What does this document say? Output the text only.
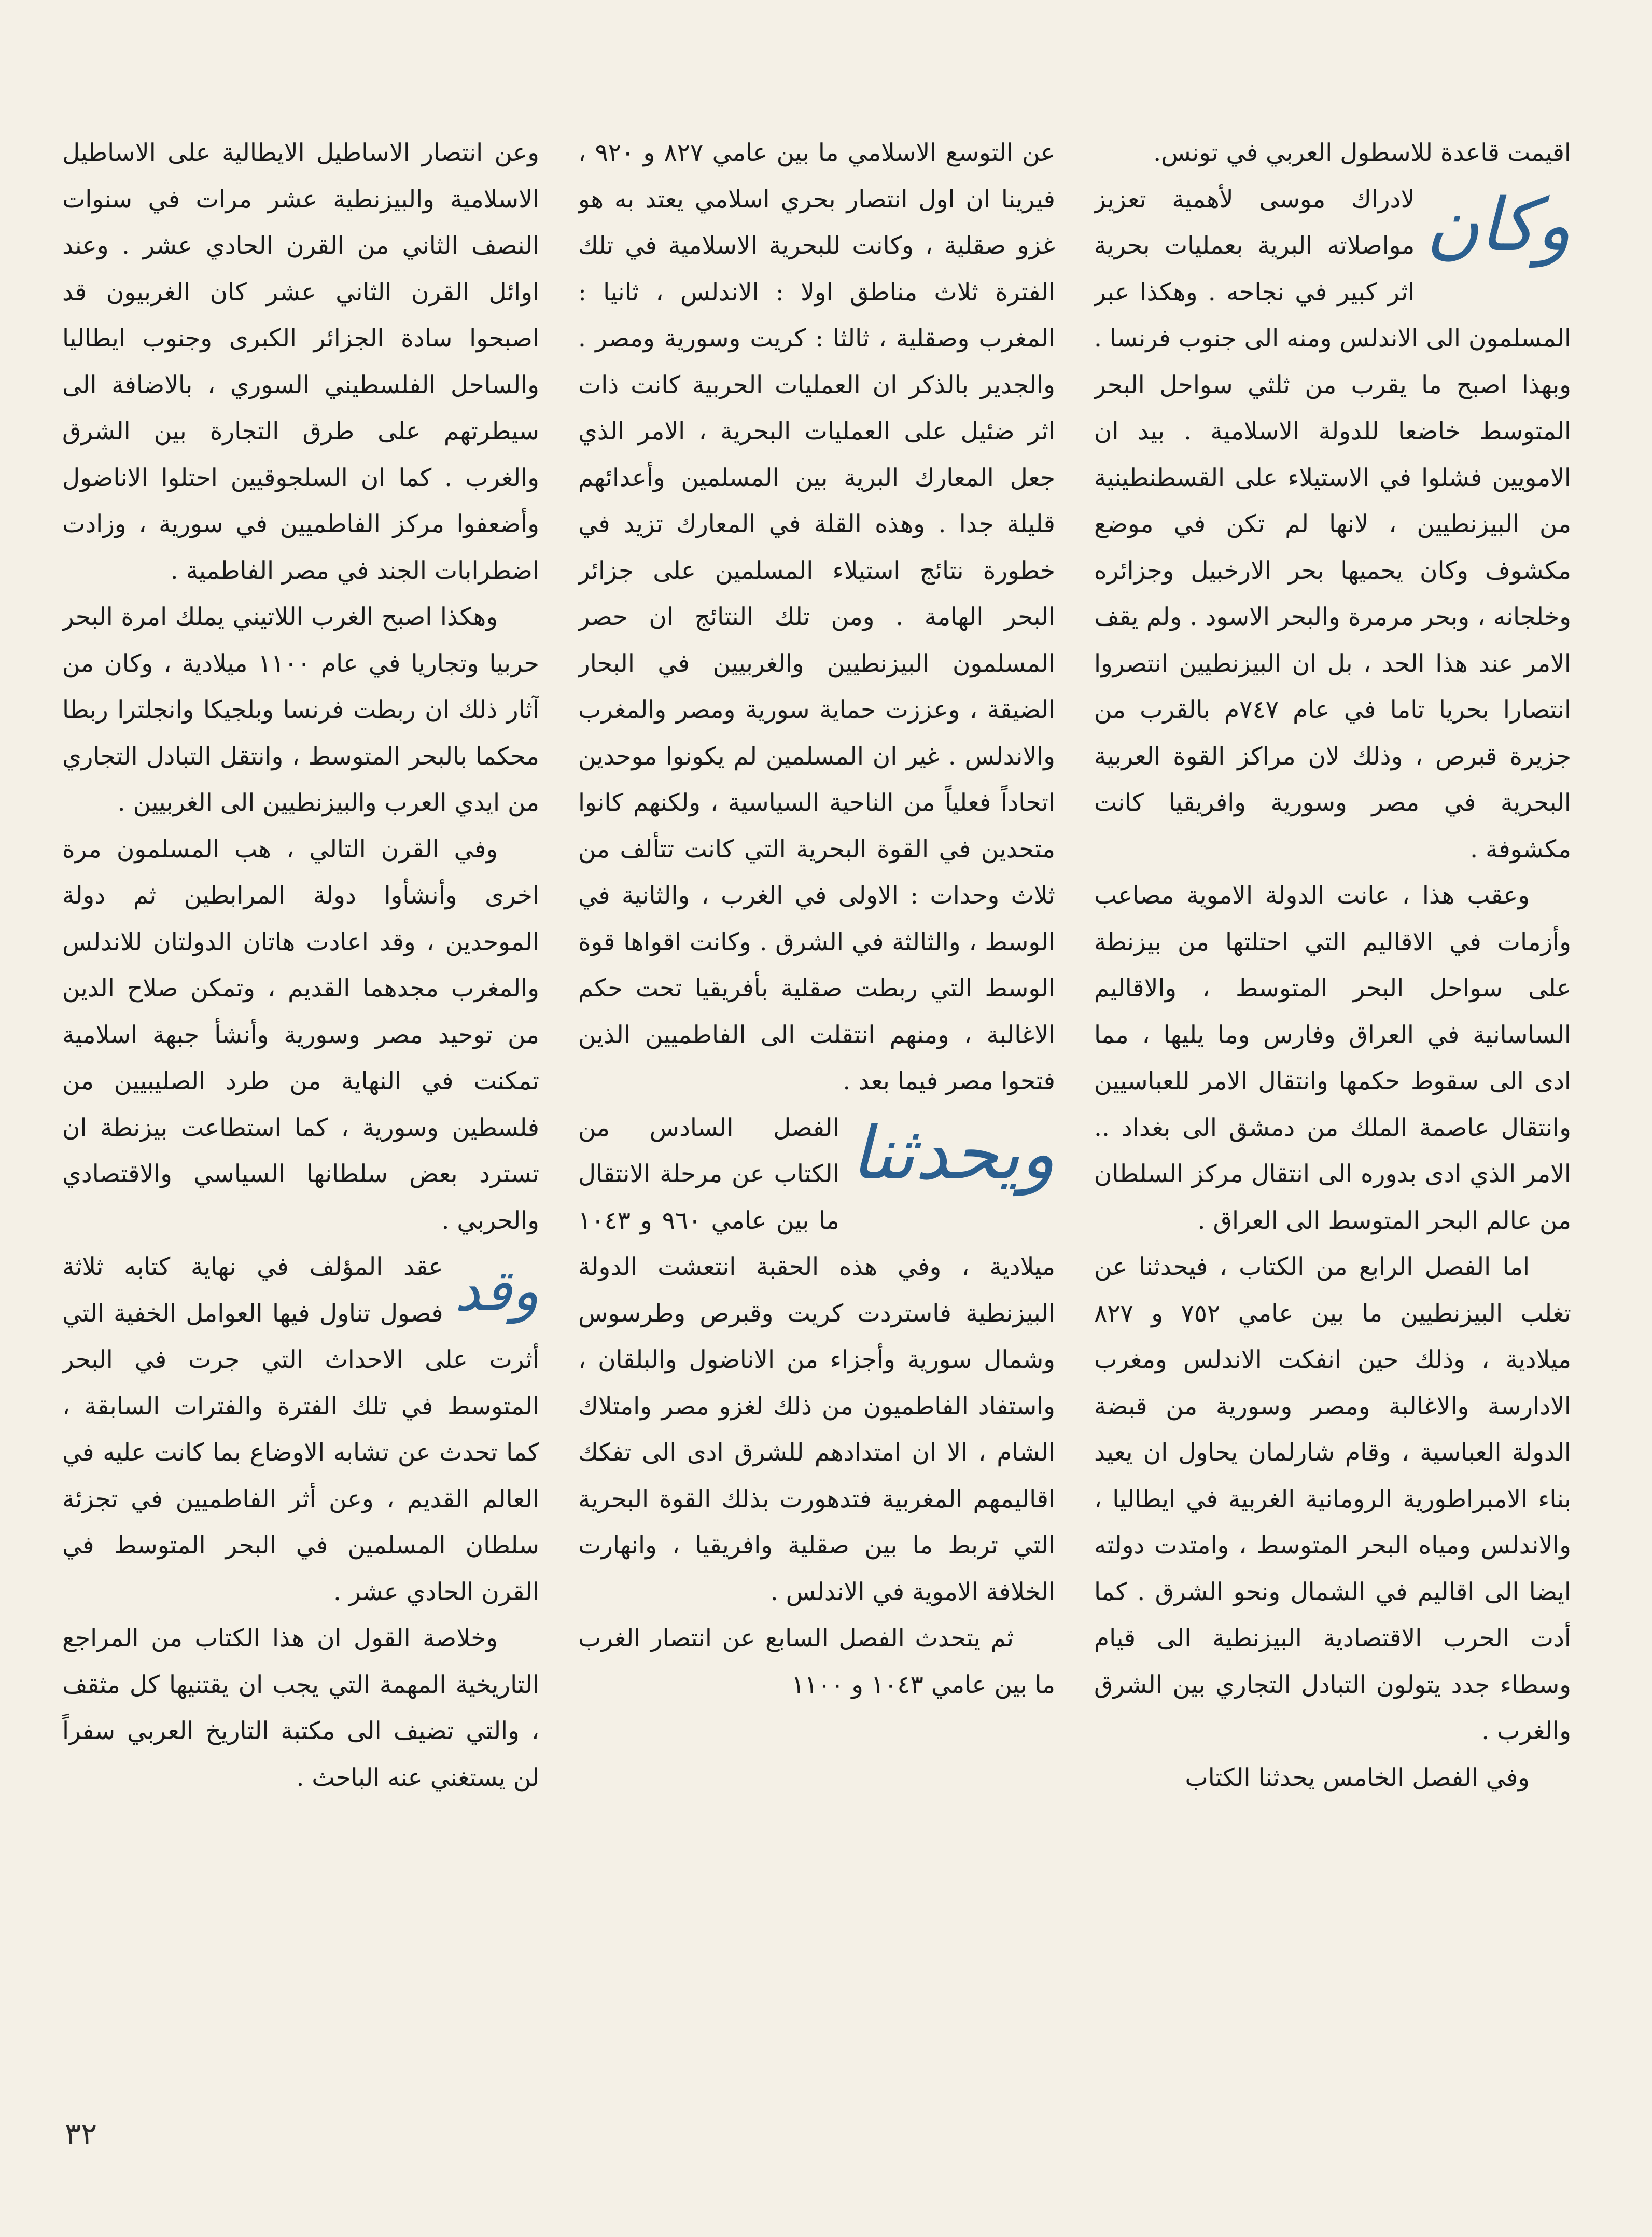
اقيمت قاعدة للاسطول العربي في تونس.

وكان
لادراك موسى لأهمية تعزيز مواصلاته البرية بعمليات بحرية اثر كبير في نجاحه . وهكذا عبر المسلمون الى الاندلس ومنه الى جنوب فرنسا . وبهذا اصبح ما يقرب من ثلثي سواحل البحر المتوسط خاضعا للدولة الاسلامية . بيد ان الامويين فشلوا في الاستيلاء على القسطنطينية من البيزنطيين ، لانها لم تكن في موضع مكشوف وكان يحميها بحر الارخبيل وجزائره وخلجانه ، وبحر مرمرة والبحر الاسود . ولم يقف الامر عند هذا الحد ، بل ان البيزنطيين انتصروا انتصارا بحريا تاما في عام ٧٤٧م بالقرب من جزيرة قبرص ، وذلك لان مراكز القوة العربية البحرية في مصر وسورية وافريقيا كانت مكشوفة .

وعقب هذا ، عانت الدولة الاموية مصاعب وأزمات في الاقاليم التي احتلتها من بيزنطة على سواحل البحر المتوسط ، والاقاليم الساسانية في العراق وفارس وما يليها ، مما ادى الى سقوط حكمها وانتقال الامر للعباسيين وانتقال عاصمة الملك من دمشق الى بغداد .. الامر الذي ادى بدوره الى انتقال مركز السلطان من عالم البحر المتوسط الى العراق .

اما الفصل الرابع من الكتاب ، فيحدثنا عن تغلب البيزنطيين ما بين عامي ٧٥٢ و ٨٢٧ ميلادية ، وذلك حين انفكت الاندلس ومغرب الادارسة والاغالبة ومصر وسورية من قبضة الدولة العباسية ، وقام شارلمان يحاول ان يعيد بناء الامبراطورية الرومانية الغربية في ايطاليا ، والاندلس ومياه البحر المتوسط ، وامتدت دولته ايضا الى اقاليم في الشمال ونحو الشرق . كما أدت الحرب الاقتصادية البيزنطية الى قيام وسطاء جدد يتولون التبادل التجاري بين الشرق والغرب .

وفي الفصل الخامس يحدثنا الكتاب

عن التوسع الاسلامي ما بين عامي ٨٢٧ و ٩٢٠ ، فيرينا ان اول انتصار بحري اسلامي يعتد به هو غزو صقلية ، وكانت للبحرية الاسلامية في تلك الفترة ثلاث مناطق اولا : الاندلس ، ثانيا : المغرب وصقلية ، ثالثا : كريت وسورية ومصر . والجدير بالذكر ان العمليات الحربية كانت ذات اثر ضئيل على العمليات البحرية ، الامر الذي جعل المعارك البرية بين المسلمين وأعدائهم قليلة جدا . وهذه القلة في المعارك تزيد في خطورة نتائج استيلاء المسلمين على جزائر البحر الهامة . ومن تلك النتائج ان حصر المسلمون البيزنطيين والغربيين في البحار الضيقة ، وعززت حماية سورية ومصر والمغرب والاندلس . غير ان المسلمين لم يكونوا موحدين اتحاداً فعلياً من الناحية السياسية ، ولكنهم كانوا متحدين في القوة البحرية التي كانت تتألف من ثلاث وحدات : الاولى في الغرب ، والثانية في الوسط ، والثالثة في الشرق . وكانت اقواها قوة الوسط التي ربطت صقلية بأفريقيا تحت حكم الاغالبة ، ومنهم انتقلت الى الفاطميين الذين فتحوا مصر فيما بعد .

ويحدثنا
الفصل السادس من الكتاب عن مرحلة الانتقال ما بين عامي ٩٦٠ و ١٠٤٣ ميلادية ، وفي هذه الحقبة انتعشت الدولة البيزنطية فاستردت كريت وقبرص وطرسوس وشمال سورية وأجزاء من الاناضول والبلقان ، واستفاد الفاطميون من ذلك لغزو مصر وامتلاك الشام ، الا ان امتدادهم للشرق ادى الى تفكك اقاليمهم المغربية فتدهورت بذلك القوة البحرية التي تربط ما بين صقلية وافريقيا ، وانهارت الخلافة الاموية في الاندلس .

ثم يتحدث الفصل السابع عن انتصار الغرب ما بين عامي ١٠٤٣ و ١١٠٠

وعن انتصار الاساطيل الايطالية على الاساطيل الاسلامية والبيزنطية عشر مرات في سنوات النصف الثاني من القرن الحادي عشر . وعند اوائل القرن الثاني عشر كان الغربيون قد اصبحوا سادة الجزائر الكبرى وجنوب ايطاليا والساحل الفلسطيني السوري ، بالاضافة الى سيطرتهم على طرق التجارة بين الشرق والغرب . كما ان السلجوقيين احتلوا الاناضول وأضعفوا مركز الفاطميين في سورية ، وزادت اضطرابات الجند في مصر الفاطمية .

وهكذا اصبح الغرب اللاتيني يملك امرة البحر حربيا وتجاريا في عام ١١٠٠ ميلادية ، وكان من آثار ذلك ان ربطت فرنسا وبلجيكا وانجلترا ربطا محكما بالبحر المتوسط ، وانتقل التبادل التجاري من ايدي العرب والبيزنطيين الى الغربيين .

وفي القرن التالي ، هب المسلمون مرة اخرى وأنشأوا دولة المرابطين ثم دولة الموحدين ، وقد اعادت هاتان الدولتان للاندلس والمغرب مجدهما القديم ، وتمكن صلاح الدين من توحيد مصر وسورية وأنشأ جبهة اسلامية تمكنت في النهاية من طرد الصليبيين من فلسطين وسورية ، كما استطاعت بيزنطة ان تسترد بعض سلطانها السياسي والاقتصادي والحربي .

وقد
عقد المؤلف في نهاية كتابه ثلاثة فصول تناول فيها العوامل الخفية التي أثرت على الاحداث التي جرت في البحر المتوسط في تلك الفترة والفترات السابقة ، كما تحدث عن تشابه الاوضاع بما كانت عليه في العالم القديم ، وعن أثر الفاطميين في تجزئة سلطان المسلمين في البحر المتوسط في القرن الحادي عشر .

وخلاصة القول ان هذا الكتاب من المراجع التاريخية المهمة التي يجب ان يقتنيها كل مثقف ، والتي تضيف الى مكتبة التاريخ العربي سفراً لن يستغني عنه الباحث .

٣٢
